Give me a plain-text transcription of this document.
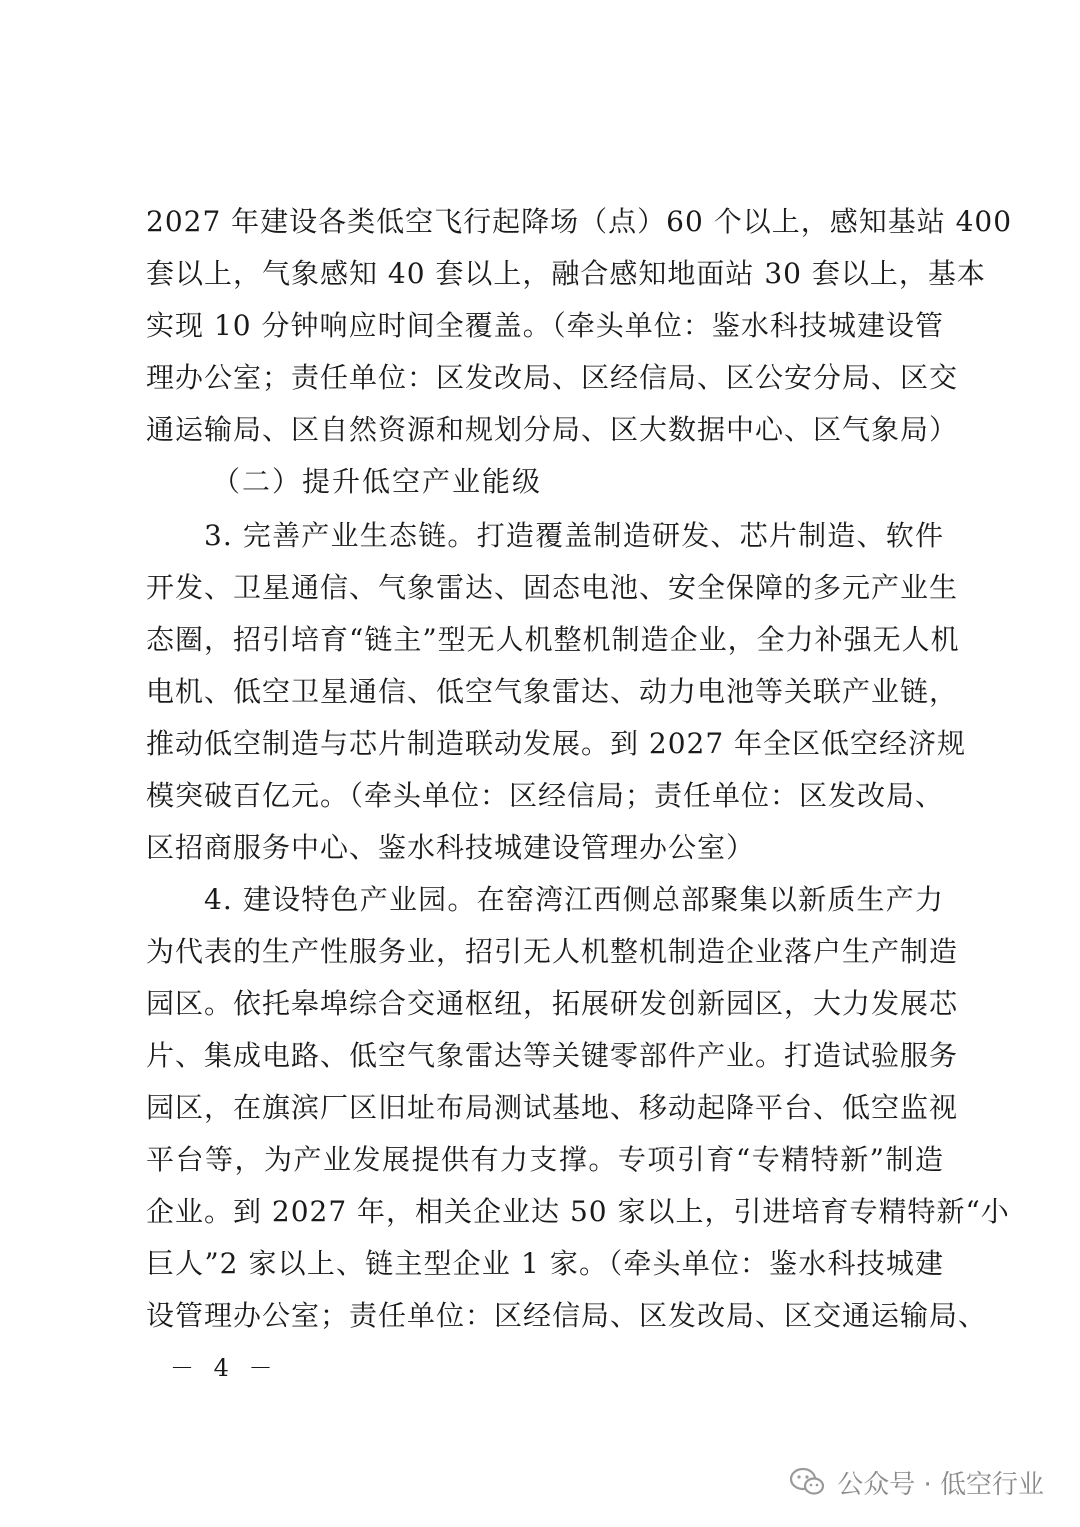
2027 年建设各类低空飞行起降场（点）60 个以上，感知基站 400
套以上，气象感知 40 套以上，融合感知地面站 30 套以上，基本
实现 10 分钟响应时间全覆盖。（牵头单位：鉴水科技城建设管
理办公室；责任单位：区发改局、区经信局、区公安分局、区交
通运输局、区自然资源和规划分局、区大数据中心、区气象局）
（二）提升低空产业能级
3. 完善产业生态链。打造覆盖制造研发、芯片制造、软件
开发、卫星通信、气象雷达、固态电池、安全保障的多元产业生
态圈，招引培育“链主”型无人机整机制造企业，全力补强无人机
电机、低空卫星通信、低空气象雷达、动力电池等关联产业链，
推动低空制造与芯片制造联动发展。到 2027 年全区低空经济规
模突破百亿元。（牵头单位：区经信局；责任单位：区发改局、
区招商服务中心、鉴水科技城建设管理办公室）
4. 建设特色产业园。在窑湾江西侧总部聚集以新质生产力
为代表的生产性服务业，招引无人机整机制造企业落户生产制造
园区。依托皋埠综合交通枢纽，拓展研发创新园区，大力发展芯
片、集成电路、低空气象雷达等关键零部件产业。打造试验服务
园区，在旗滨厂区旧址布局测试基地、移动起降平台、低空监视
平台等，为产业发展提供有力支撑。专项引育“专精特新”制造
企业。到 2027 年，相关企业达 50 家以上，引进培育专精特新“小
巨人”2 家以上、链主型企业 1 家。（牵头单位：鉴水科技城建
设管理办公室；责任单位：区经信局、区发改局、区交通运输局、
－ 4 －
公众号 · 低空行业
